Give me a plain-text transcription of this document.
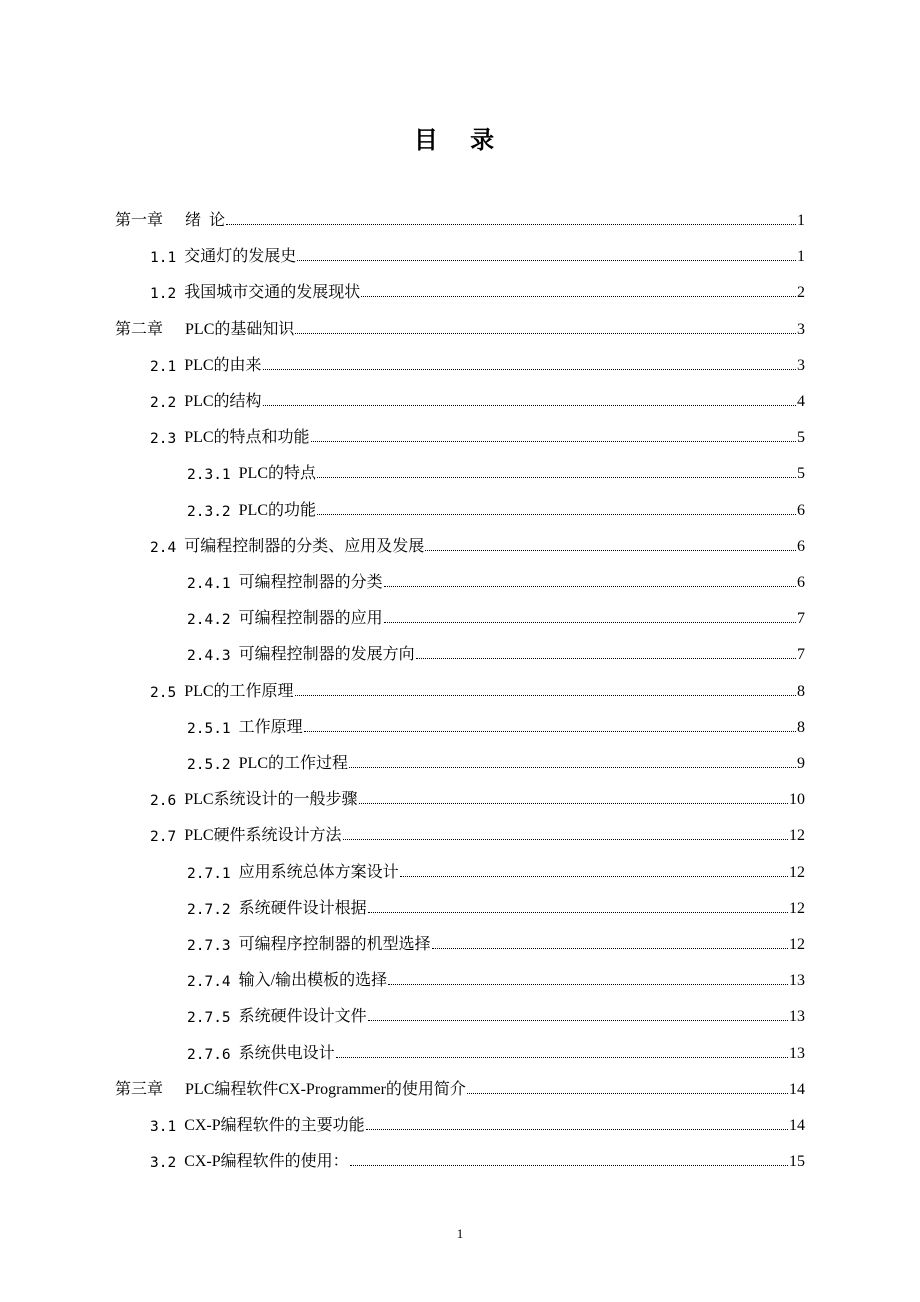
目 录
第一章 绪  论	1
1.1 交通灯的发展史	1
1.2 我国城市交通的发展现状	2
第二章 PLC的基础知识	3
2.1 PLC的由来	3
2.2 PLC的结构	4
2.3 PLC的特点和功能	5
2.3.1 PLC的特点	5
2.3.2 PLC的功能	6
2.4 可编程控制器的分类、应用及发展	6
2.4.1 可编程控制器的分类	6
2.4.2 可编程控制器的应用	7
2.4.3 可编程控制器的发展方向	7
2.5 PLC的工作原理	8
2.5.1 工作原理	8
2.5.2 PLC的工作过程	9
2.6 PLC系统设计的一般步骤	10
2.7 PLC硬件系统设计方法	12
2.7.1 应用系统总体方案设计	12
2.7.2 系统硬件设计根据	12
2.7.3 可编程序控制器的机型选择	12
2.7.4 输入/输出模板的选择	13
2.7.5 系统硬件设计文件	13
2.7.6 系统供电设计	13
第三章 PLC编程软件CX-Programmer的使用简介	14
3.1 CX-P编程软件的主要功能	14
3.2 CX-P编程软件的使用：	15
1
